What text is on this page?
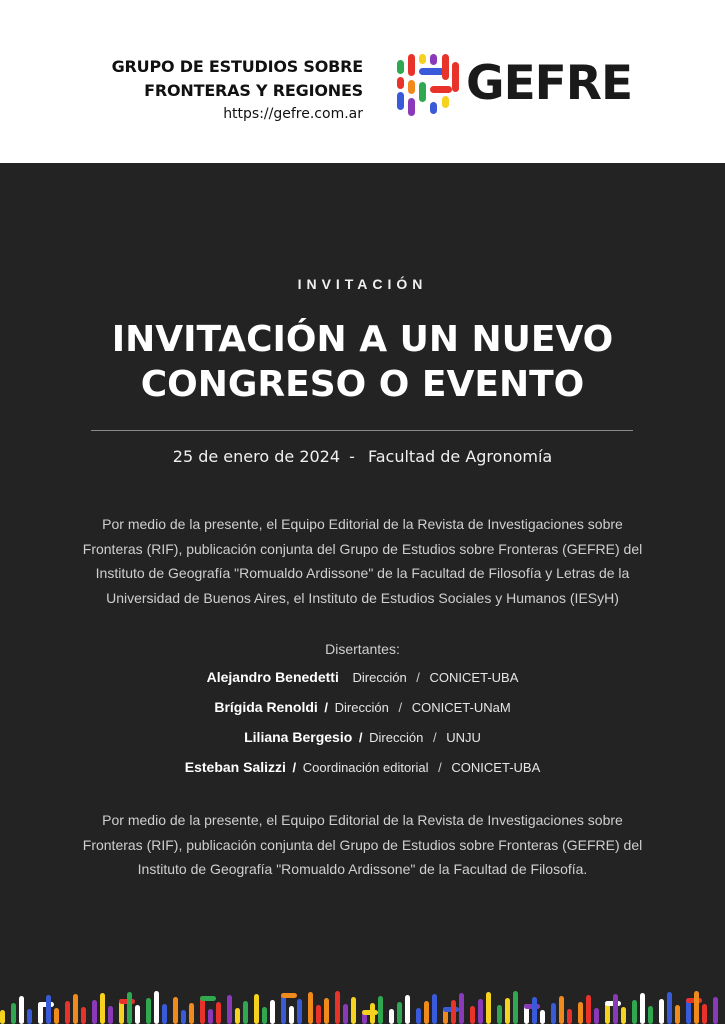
GRUPO DE ESTUDIOS SOBRE
FRONTERAS Y REGIONES
https://gefre.com.ar
GEFRE
INVITACIÓN
INVITACIÓN A UN NUEVO
CONGRESO O EVENTO
25 de enero de 2024 - Facultad de Agronomía
Por medio de la presente, el Equipo Editorial de la Revista de Investigaciones sobre Fronteras (RIF), publicación conjunta del Grupo de Estudios sobre Fronteras (GEFRE) del Instituto de Geografía "Romualdo Ardissone" de la Facultad de Filosofía y Letras de la Universidad de Buenos Aires, el Instituto de Estudios Sociales y Humanos (IESyH)
Disertantes:
Alejandro Benedetti Dirección / CONICET-UBA
Brígida Renoldi / Dirección / CONICET-UNaM
Liliana Bergesio / Dirección / UNJU
Esteban Salizzi / Coordinación editorial / CONICET-UBA
Por medio de la presente, el Equipo Editorial de la Revista de Investigaciones sobre Fronteras (RIF), publicación conjunta del Grupo de Estudios sobre Fronteras (GEFRE) del Instituto de Geografía "Romualdo Ardissone" de la Facultad de Filosofía.
